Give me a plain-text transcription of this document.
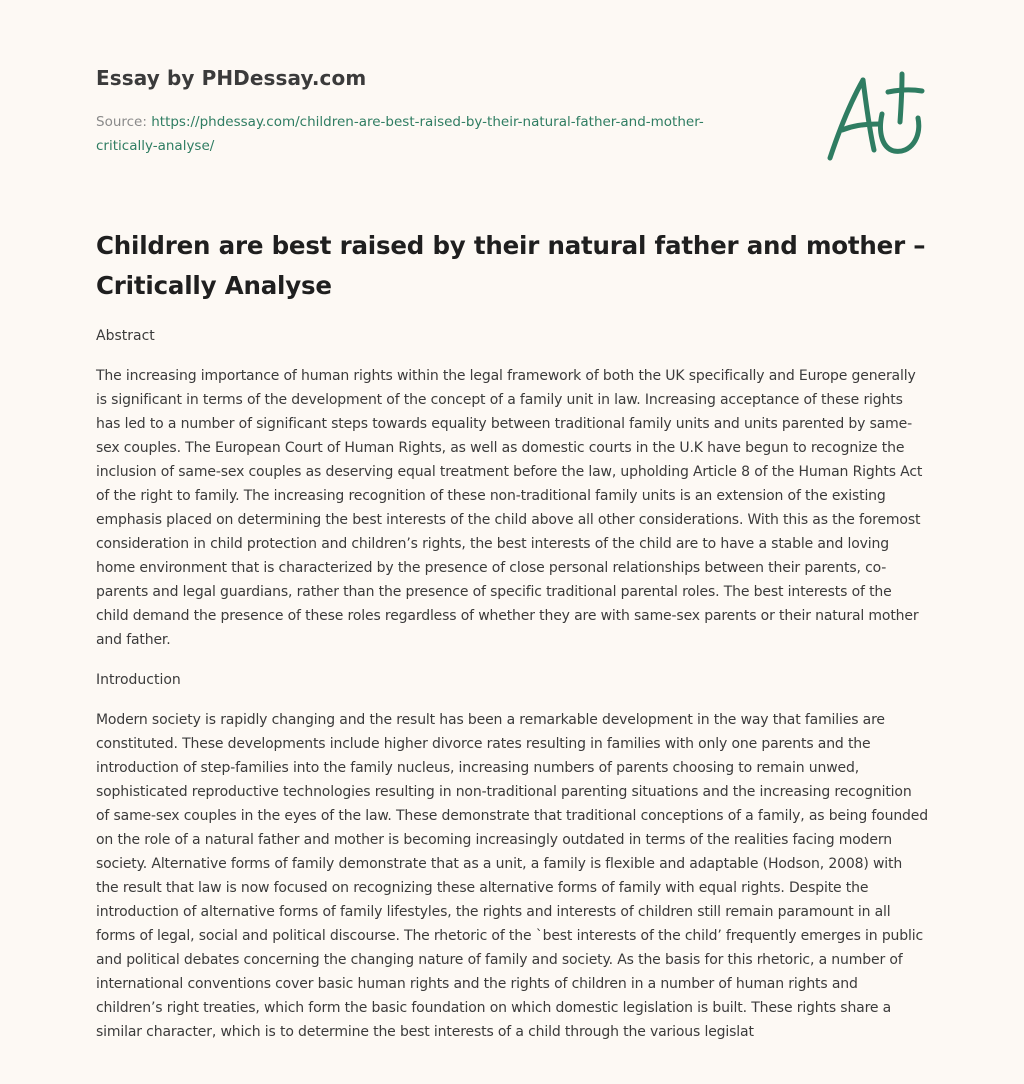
Essay by PHDessay.com
Source: https://phdessay.com/children-are-best-raised-by-their-natural-father-and-mother-critically-analyse/
Children are best raised by their natural father and mother – Critically Analyse

Abstract

The increasing importance of human rights within the legal framework of both the UK specifically and Europe generally is significant in terms of the development of the concept of a family unit in law. Increasing acceptance of these rights has led to a number of significant steps towards equality between traditional family units and units parented by same-sex couples. The European Court of Human Rights, as well as domestic courts in the U.K have begun to recognize the inclusion of same-sex couples as deserving equal treatment before the law, upholding Article 8 of the Human Rights Act of the right to family. The increasing recognition of these non-traditional family units is an extension of the existing emphasis placed on determining the best interests of the child above all other considerations. With this as the foremost consideration in child protection and children’s rights, the best interests of the child are to have a stable and loving home environment that is characterized by the presence of close personal relationships between their parents, co-parents and legal guardians, rather than the presence of specific traditional parental roles. The best interests of the child demand the presence of these roles regardless of whether they are with same-sex parents or their natural mother and father.

Introduction

Modern society is rapidly changing and the result has been a remarkable development in the way that families are constituted. These developments include higher divorce rates resulting in families with only one parents and the introduction of step-families into the family nucleus, increasing numbers of parents choosing to remain unwed, sophisticated reproductive technologies resulting in non-traditional parenting situations and the increasing recognition of same-sex couples in the eyes of the law. These demonstrate that traditional conceptions of a family, as being founded on the role of a natural father and mother is becoming increasingly outdated in terms of the realities facing modern society. Alternative forms of family demonstrate that as a unit, a family is flexible and adaptable (Hodson, 2008) with the result that law is now focused on recognizing these alternative forms of family with equal rights. Despite the introduction of alternative forms of family lifestyles, the rights and interests of children still remain paramount in all forms of legal, social and political discourse. The rhetoric of the `best interests of the child’ frequently emerges in public and political debates concerning the changing nature of family and society. As the basis for this rhetoric, a number of international conventions cover basic human rights and the rights of children in a number of human rights and children’s right treaties, which form the basic foundation on which domestic legislation is built. These rights share a similar character, which is to determine the best interests of a child through the various legislat
